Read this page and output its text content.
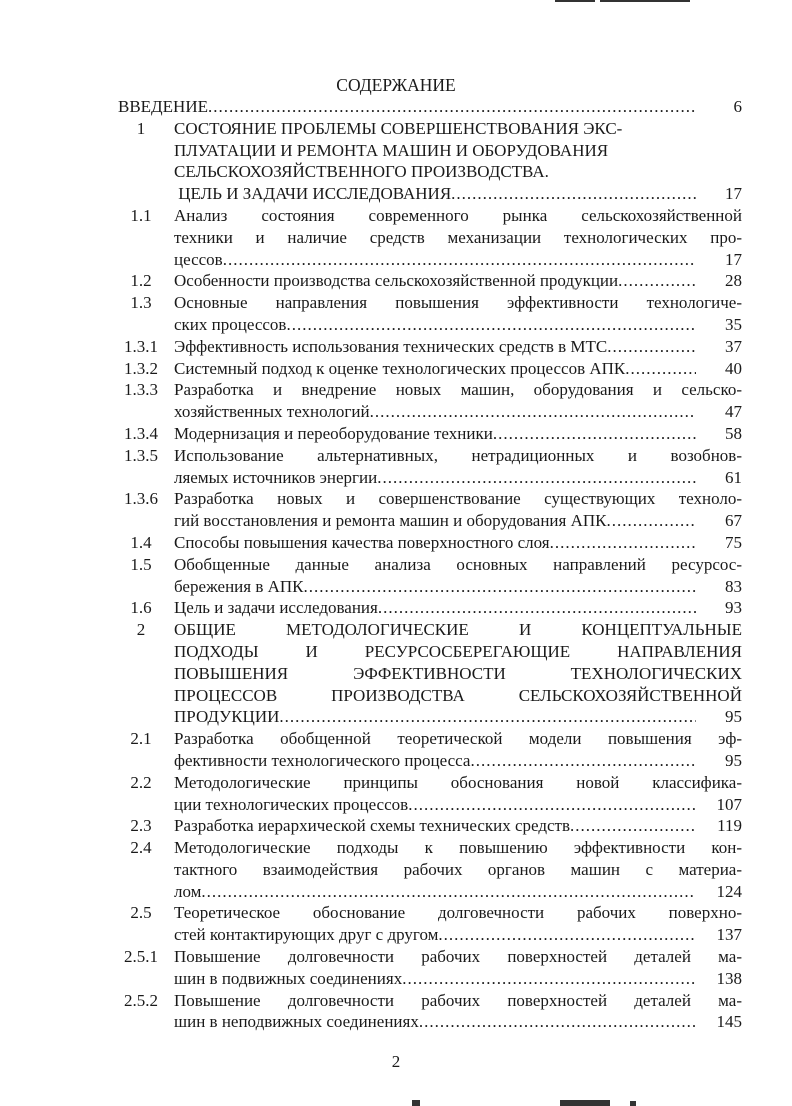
СОДЕРЖАНИЕ
ВВЕДЕНИЕ .....	6
1	СОСТОЯНИЕ ПРОБЛЕМЫ СОВЕРШЕНСТВОВАНИЯ ЭКС-
ПЛУАТАЦИИ И РЕМОНТА МАШИН И ОБОРУДОВАНИЯ
СЕЛЬСКОХОЗЯЙСТВЕННОГО ПРОИЗВОДСТВА.
ЦЕЛЬ И ЗАДАЧИ ИССЛЕДОВАНИЯ .....	17
1.1	Анализ состояния современного рынка сельскохозяйственной
техники и наличие средств механизации технологических про-
цессов .....	17
1.2	Особенности производства сельскохозяйственной продукции .....	28
1.3	Основные направления повышения эффективности технологиче-
ских процессов .....	35
1.3.1 Эффективность использования технических средств в МТС .....	37
1.3.2 Системный подход к оценке технологических процессов АПК .....	40
1.3.3 Разработка и внедрение новых машин, оборудования и сельско-
хозяйственных технологий .....	47
1.3.4 Модернизация и переоборудование техники .....	58
1.3.5 Использование альтернативных, нетрадиционных и возобнов-
ляемых источников энергии .....	61
1.3.6 Разработка новых и совершенствование существующих техноло-
гий восстановления и ремонта машин и оборудования АПК .....	67
1.4	Способы повышения качества поверхностного слоя .....	75
1.5	Обобщенные данные анализа основных направлений ресурсос-
бережения в АПК .....	83
1.6	Цель и задачи исследования .....	93
2	ОБЩИЕ МЕТОДОЛОГИЧЕСКИЕ И КОНЦЕПТУАЛЬНЫЕ
ПОДХОДЫ И РЕСУРСОСБЕРЕГАЮЩИЕ НАПРАВЛЕНИЯ
ПОВЫШЕНИЯ ЭФФЕКТИВНОСТИ ТЕХНОЛОГИЧЕСКИХ
ПРОЦЕССОВ ПРОИЗВОДСТВА СЕЛЬСКОХОЗЯЙСТВЕННОЙ
ПРОДУКЦИИ .....	95
2.1	Разработка обобщенной теоретической модели повышения эф-
фективности технологического процесса .....	95
2.2	Методологические принципы обоснования новой классифика-
ции технологических процессов .....	107
2.3	Разработка иерархической схемы технических средств .....	119
2.4	Методологические подходы к повышению эффективности кон-
тактного взаимодействия рабочих органов машин с материа-
лом .....	124
2.5	Теоретическое обоснование долговечности рабочих поверхно-
стей контактирующих друг с другом .....	137
2.5.1 Повышение долговечности рабочих поверхностей деталей ма-
шин в подвижных соединениях .....	138
2.5.2 Повышение долговечности рабочих поверхностей деталей ма-
шин в неподвижных соединениях .....	145
2
